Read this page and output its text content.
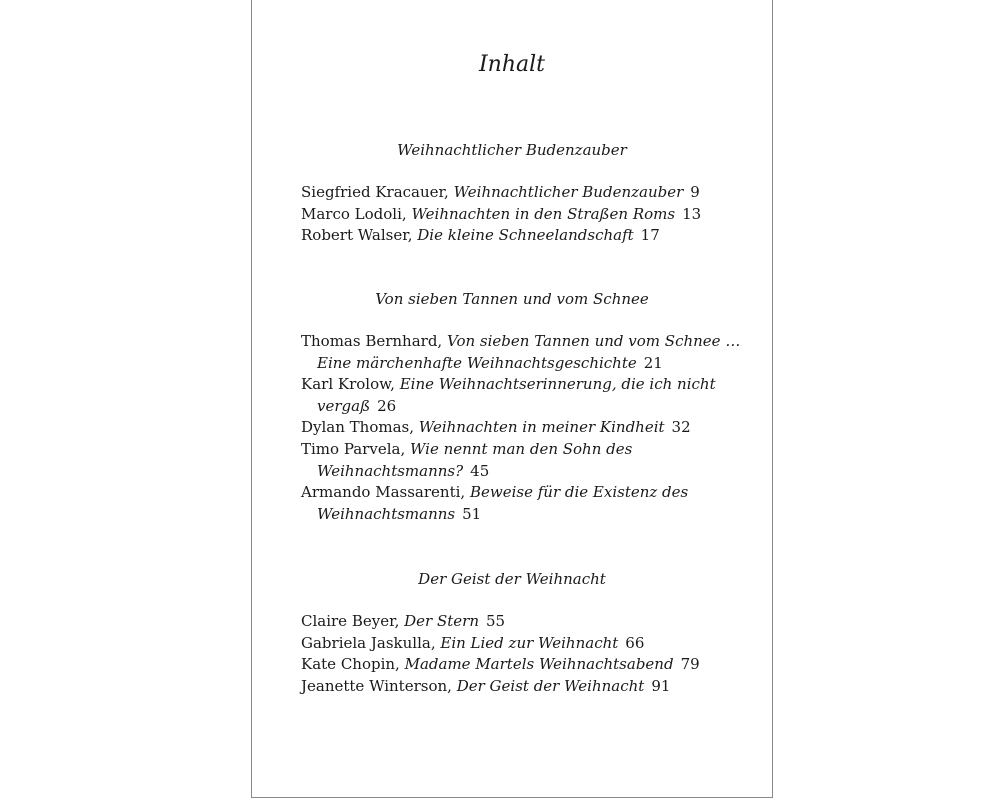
Inhalt
Weihnachtlicher Budenzauber

Siegfried Kracauer, Weihnachtlicher Budenzauber 9

Marco Lodoli, Weihnachten in den Straßen Roms 13

Robert Walser, Die kleine Schneelandschaft 17

Von sieben Tannen und vom Schnee

Thomas Bernhard, Von sieben Tannen und vom Schnee …

Eine märchenhafte Weihnachtsgeschichte 21

Karl Krolow, Eine Weihnachtserinnerung, die ich nicht

vergaß 26

Dylan Thomas, Weihnachten in meiner Kindheit 32

Timo Parvela, Wie nennt man den Sohn des

Weihnachtsmanns? 45

Armando Massarenti, Beweise für die Existenz des

Weihnachtsmanns 51

Der Geist der Weihnacht

Claire Beyer, Der Stern 55

Gabriela Jaskulla, Ein Lied zur Weihnacht 66

Kate Chopin, Madame Martels Weihnachtsabend 79

Jeanette Winterson, Der Geist der Weihnacht 91
